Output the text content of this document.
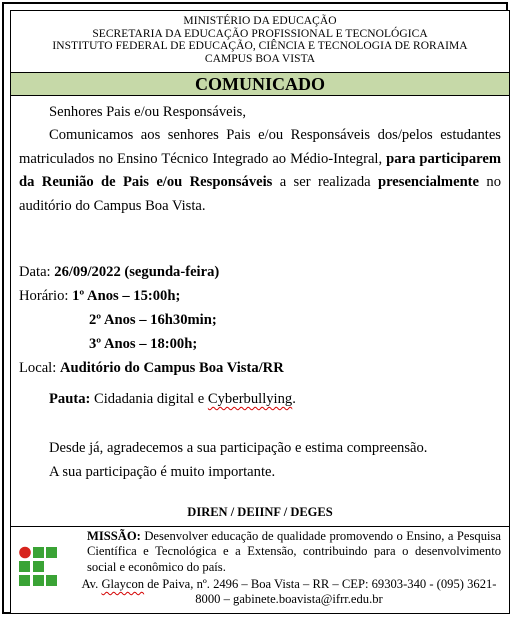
MINISTÉRIO DA EDUCAÇÃO
SECRETARIA DA EDUCAÇÃO PROFISSIONAL E TECNOLÓGICA
INSTITUTO FEDERAL DE EDUCAÇÃO, CIÊNCIA E TECNOLOGIA DE RORAIMA
CAMPUS BOA VISTA
COMUNICADO
Senhores Pais e/ou Responsáveis,
Comunicamos aos senhores Pais e/ou Responsáveis dos/pelos estudantes matriculados no Ensino Técnico Integrado ao Médio-Integral, para participarem da Reunião de Pais e/ou Responsáveis a ser realizada presencialmente no auditório do Campus Boa Vista.
Data: 26/09/2022 (segunda-feira)
Horário: 1º Anos – 15:00h;
2º Anos – 16h30min;
3º Anos – 18:00h;
Local: Auditório do Campus Boa Vista/RR
Pauta: Cidadania digital e Cyberbullying.
Desde já, agradecemos a sua participação e estima compreensão.
A sua participação é muito importante.
DIREN / DEIINF / DEGES
MISSÃO: Desenvolver educação de qualidade promovendo o Ensino, a Pesquisa Científica e Tecnológica e a Extensão, contribuindo para o desenvolvimento social e econômico do país.
Av. Glaycon de Paiva, nº. 2496 – Boa Vista – RR – CEP: 69303-340 - (095) 3621-8000 – gabinete.boavista@ifrr.edu.br
